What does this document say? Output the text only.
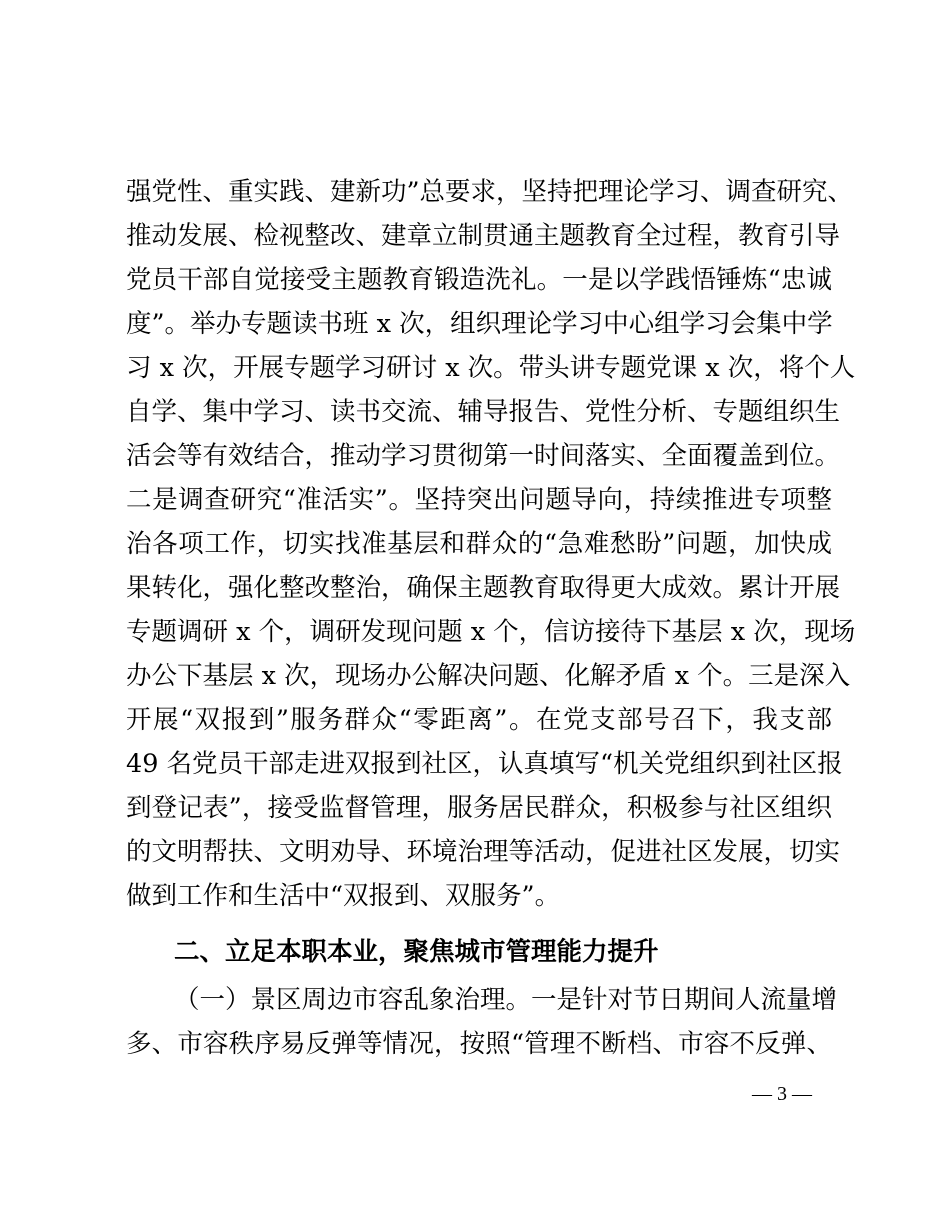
强党性、重实践、建新功”总要求，坚持把理论学习、调查研究、
推动发展、检视整改、建章立制贯通主题教育全过程，教育引导
党员干部自觉接受主题教育锻造洗礼。一是以学践悟锤炼“忠诚
度”。举办专题读书班 x 次，组织理论学习中心组学习会集中学
习 x 次，开展专题学习研讨 x 次。带头讲专题党课 x 次，将个人
自学、集中学习、读书交流、辅导报告、党性分析、专题组织生
活会等有效结合，推动学习贯彻第一时间落实、全面覆盖到位。
二是调查研究“准活实”。坚持突出问题导向，持续推进专项整
治各项工作，切实找准基层和群众的“急难愁盼”问题，加快成
果转化，强化整改整治，确保主题教育取得更大成效。累计开展
专题调研 x 个，调研发现问题 x 个，信访接待下基层 x 次，现场
办公下基层 x 次，现场办公解决问题、化解矛盾 x 个。三是深入
开展“双报到”服务群众“零距离”。在党支部号召下，我支部
49 名党员干部走进双报到社区，认真填写“机关党组织到社区报
到登记表”，接受监督管理，服务居民群众，积极参与社区组织
的文明帮扶、文明劝导、环境治理等活动，促进社区发展，切实
做到工作和生活中“双报到、双服务”。
二、立足本职本业，聚焦城市管理能力提升
（一）景区周边市容乱象治理。一是针对节日期间人流量增
多、市容秩序易反弹等情况，按照“管理不断档、市容不反弹、
— 3 —
